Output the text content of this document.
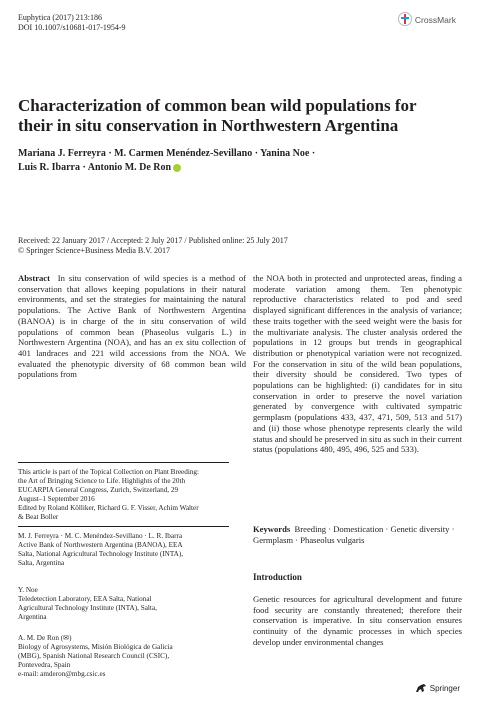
Euphytica (2017) 213:186
DOI 10.1007/s10681-017-1954-9
CrossMark
Characterization of common bean wild populations for their in situ conservation in Northwestern Argentina
Mariana J. Ferreyra · M. Carmen Menéndez-Sevillano · Yanina Noe ·
Luis R. Ibarra · Antonio M. De Ron
Received: 22 January 2017 / Accepted: 2 July 2017 / Published online: 25 July 2017
© Springer Science+Business Media B.V. 2017

Abstract In situ conservation of wild species is a method of conservation that allows keeping populations in their natural environments, and set the strategies for maintaining the natural populations. The Active Bank of Northwestern Argentina (BANOA) is in charge of the in situ conservation of wild populations of common bean (Phaseolus vulgaris L.) in Northwestern Argentina (NOA), and has an ex situ collection of 401 landraces and 221 wild accessions from the NOA. We evaluated the phenotypic diversity of 68 common bean wild populations from

This article is part of the Topical Collection on Plant Breeding:
the Art of Bringing Science to Life. Highlights of the 20th
EUCARPIA General Congress, Zurich, Switzerland, 29
August–1 September 2016
Edited by Roland Kölliker, Richard G. F. Visser, Achim Walter
& Beat Boller
M. J. Ferreyra · M. C. Menéndez-Sevillano · L. R. Ibarra
Active Bank of Northwestern Argentina (BANOA), EEA
Salta, National Agricultural Technology Institute (INTA),
Salta, Argentina
Y. Noe
Teledetection Laboratory, EEA Salta, National
Agricultural Technology Institute (INTA), Salta,
Argentina
A. M. De Ron (✉)
Biology of Agrosystems, Misión Biológica de Galicia
(MBG), Spanish National Research Council (CSIC),
Pontevedra, Spain
e-mail: amderon@mbg.csic.es

the NOA both in protected and unprotected areas, finding a moderate variation among them. Ten phenotypic reproductive characteristics related to pod and seed displayed significant differences in the analysis of variance; these traits together with the seed weight were the basis for the multivariate analysis. The cluster analysis ordered the populations in 12 groups but trends in geographical distribution or phenotypical variation were not recognized. For the conservation in situ of the wild bean populations, their diversity should be considered. Two types of populations can be highlighted: (i) candidates for in situ conservation in order to preserve the novel variation generated by convergence with cultivated sympatric germplasm (populations 433, 437, 471, 509, 513 and 517) and (ii) those whose phenotype represents clearly the wild status and should be preserved in situ as such in their current status (populations 480, 495, 496, 525 and 533).

Keywords Breeding · Domestication · Genetic diversity · Germplasm · Phaseolus vulgaris
Introduction
Genetic resources for agricultural development and future food security are constantly threatened; therefore their conservation is imperative. In situ conservation ensures continuity of the dynamic processes in which species develop under environmental changes
Springer
